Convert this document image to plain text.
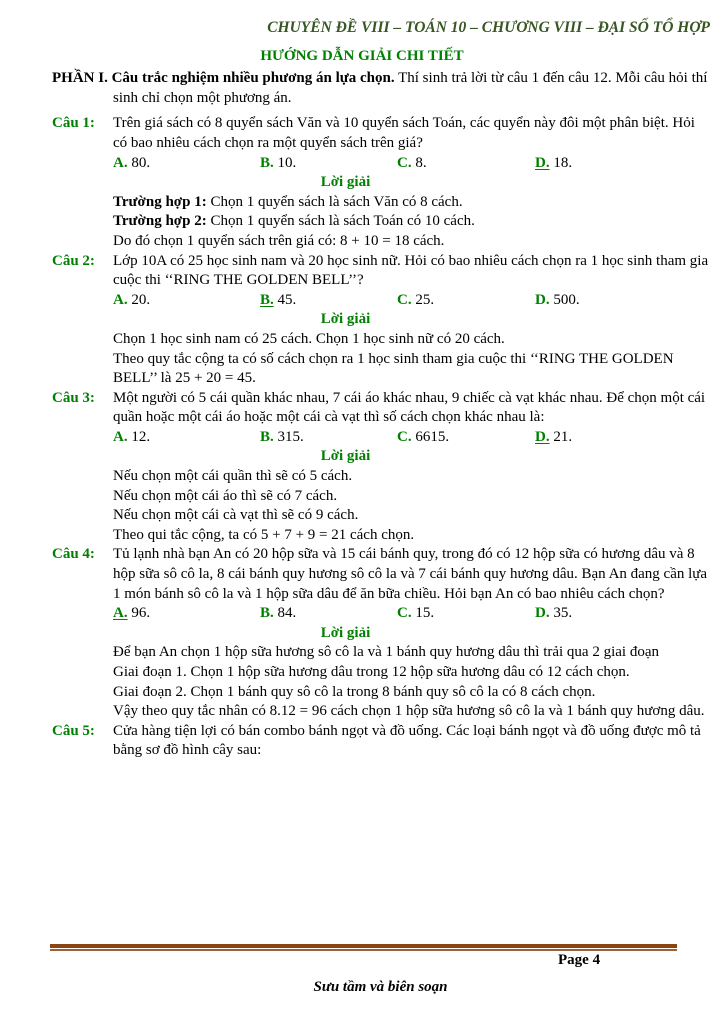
CHUYÊN ĐỀ VIII – TOÁN 10 – CHƯƠNG VIII – ĐẠI SỐ TỔ HỢP
HƯỚNG DẪN GIẢI CHI TIẾT
PHẦN I. Câu trắc nghiệm nhiều phương án lựa chọn. Thí sinh trả lời từ câu 1 đến câu 12. Mỗi câu hỏi thí sinh chỉ chọn một phương án.
Câu 1:	Trên giá sách có 8 quyển sách Văn và 10 quyển sách Toán, các quyển này đôi một phân biệt. Hỏi có bao nhiêu cách chọn ra một quyển sách trên giá?
A. 80.	B. 10.	C. 8.	D. 18.
Lời giải
Trường hợp 1: Chọn 1 quyển sách là sách Văn có 8 cách.
Trường hợp 2: Chọn 1 quyển sách là sách Toán có 10 cách.
Do đó chọn 1 quyển sách trên giá có: 8 + 10 = 18 cách.
Câu 2:	Lớp 10A có 25 học sinh nam và 20 học sinh nữ. Hỏi có bao nhiêu cách chọn ra 1 học sinh tham gia cuộc thi ‘‘RING THE GOLDEN BELL’’?
A. 20.	B. 45.	C. 25.	D. 500.
Lời giải
Chọn 1 học sinh nam có 25 cách. Chọn 1 học sinh nữ có 20 cách.
Theo quy tắc cộng ta có số cách chọn ra 1 học sinh tham gia cuộc thi ‘‘RING THE GOLDEN BELL’’ là 25 + 20 = 45.
Câu 3:	Một người có 5 cái quần khác nhau, 7 cái áo khác nhau, 9 chiếc cà vạt khác nhau. Để chọn một cái quần hoặc một cái áo hoặc một cái cà vạt thì số cách chọn khác nhau là:
A. 12.	B. 315.	C. 6615.	D. 21.
Lời giải
Nếu chọn một cái quần thì sẽ có 5 cách.
Nếu chọn một cái áo thì sẽ có 7 cách.
Nếu chọn một cái cà vạt thì sẽ có 9 cách.
Theo qui tắc cộng, ta có 5 + 7 + 9 = 21 cách chọn.
Câu 4:	Tủ lạnh nhà bạn An có 20 hộp sữa và 15 cái bánh quy, trong đó có 12 hộp sữa có hương dâu và 8 hộp sữa sô cô la, 8 cái bánh quy hương sô cô la và 7 cái bánh quy hương dâu. Bạn An đang cần lựa 1 món bánh sô cô la và 1 hộp sữa dâu để ăn bữa chiều. Hỏi bạn An có bao nhiêu cách chọn?
A. 96.	B. 84.	C. 15.	D. 35.
Lời giải
Để bạn An chọn 1 hộp sữa hương sô cô la và 1 bánh quy hương dâu thì trải qua 2 giai đoạn
Giai đoạn 1. Chọn 1 hộp sữa hương dâu trong 12 hộp sữa hương dâu có 12 cách chọn.
Giai đoạn 2. Chọn 1 bánh quy sô cô la trong 8 bánh quy sô cô la có 8 cách chọn.
Vậy theo quy tắc nhân có 8.12 = 96 cách chọn 1 hộp sữa hương sô cô la và 1 bánh quy hương dâu.
Câu 5:	Cửa hàng tiện lợi có bán combo bánh ngọt và đồ uống. Các loại bánh ngọt và đồ uống được mô tả bằng sơ đồ hình cây sau:
Page 4
Sưu tầm và biên soạn
